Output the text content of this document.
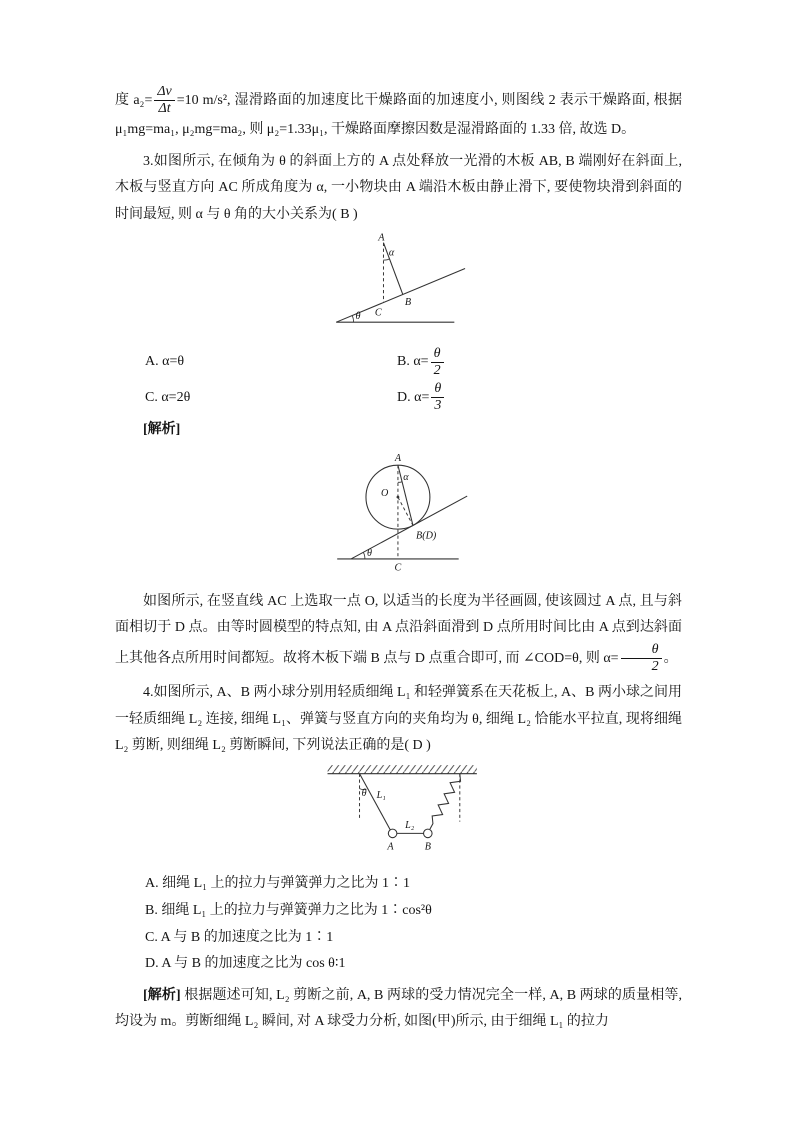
度 $a_2= \frac{\Delta v}{\Delta t} =10$ m/s², 湿滑路面的加速度比干燥路面的加速度小, 则图线 2 表示干燥路面, 根据 μ₁mg=ma₁, μ₂mg=ma₂, 则 μ₂=1.33μ₁, 干燥路面摩擦因数是湿滑路面的 1.33 倍, 故选 D。

3.如图所示, 在倾角为 θ 的斜面上方的 A 点处释放一光滑的木板 AB, B 端刚好在斜面上, 木板与竖直方向 AC 所成角度为 α, 一小物块由 A 端沿木板由静止滑下, 要使物块滑到斜面的时间最短, 则 α 与 θ 角的大小关系为( B )

A
α
θ C
B
A. α=θ	B. $\alpha= \frac{\theta}{2}$
C. α=2θ	D. $\alpha= \frac{\theta}{3}$

[解析]

A
α
O
θ
C
B(D)

如图所示, 在竖直线 AC 上选取一点 O, 以适当的长度为半径画圆, 使该圆过 A 点, 且与斜面相切于 D 点。由等时圆模型的特点知, 由 A 点沿斜面滑到 D 点所用时间比由 A 点到达斜面上其他各点所用时间都短。故将木板下端 B 点与 D 点重合即可, 而 ∠COD=θ, 则 $\alpha= \frac{\theta}{2}$ 。

4.如图所示, A、B 两小球分别用轻质细绳 L₁ 和轻弹簧系在天花板上, A、B 两小球之间用一轻质细绳 L₂ 连接, 细绳 L₁、弹簧与竖直方向的夹角均为 θ, 细绳 L₂ 恰能水平拉直, 现将细绳 L₂ 剪断, 则细绳 L₂ 剪断瞬间, 下列说法正确的是( D )

θ L₁
L₂
A	B

A. 细绳 L₁ 上的拉力与弹簧弹力之比为 1∶1

B. 细绳 L₁ 上的拉力与弹簧弹力之比为 1∶cos²θ

C. A 与 B 的加速度之比为 1∶1

D. A 与 B 的加速度之比为 cos θ∶1

[解析] 根据题述可知, L₂ 剪断之前, A, B 两球的受力情况完全一样, A, B 两球的质量相等, 均设为 m。剪断细绳 L₂ 瞬间, 对 A 球受力分析, 如图(甲)所示, 由于细绳 L₁ 的拉力
